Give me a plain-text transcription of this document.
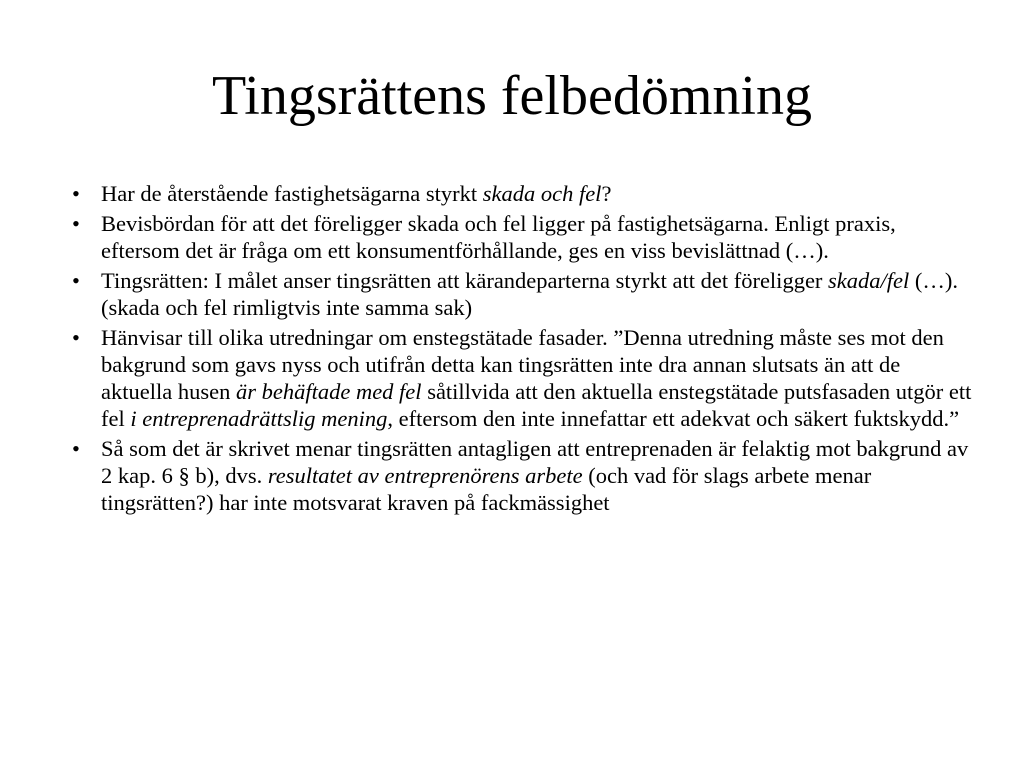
Tingsrättens felbedömning
• Har de återstående fastighetsägarna styrkt skada och fel?
• Bevisbördan för att det föreligger skada och fel ligger på fastighetsägarna. Enligt praxis, eftersom det är fråga om ett konsumentförhållande, ges en viss bevislättnad (…).
• Tingsrätten: I målet anser tingsrätten att kärandeparterna styrkt att det föreligger skada/fel (…). (skada och fel rimligtvis inte samma sak)
• Hänvisar till olika utredningar om enstegstätade fasader. ”Denna utredning måste ses mot den bakgrund som gavs nyss och utifrån detta kan tingsrätten inte dra annan slutsats än att de aktuella husen är behäftade med fel såtillvida att den aktuella enstegstätade putsfasaden utgör ett fel i entreprenadrättslig mening, eftersom den inte innefattar ett adekvat och säkert fuktskydd.”
• Så som det är skrivet menar tingsrätten antagligen att entreprenaden är felaktig mot bakgrund av 2 kap. 6 § b), dvs. resultatet av entreprenörens arbete (och vad för slags arbete menar tingsrätten?) har inte motsvarat kraven på fackmässighet
